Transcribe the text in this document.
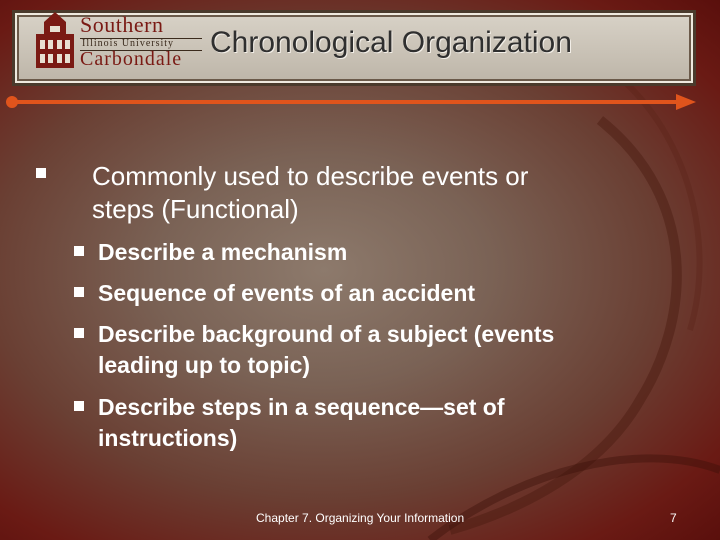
Southern
Illinois University
Carbondale Chronological Organization
Commonly used to describe events or
steps (Functional)
Describe a mechanism
Sequence of events of an accident
Describe background of a subject (events
leading up to topic)
Describe steps in a sequence—set of
instructions)
Chapter 7. Organizing Your Information	7
